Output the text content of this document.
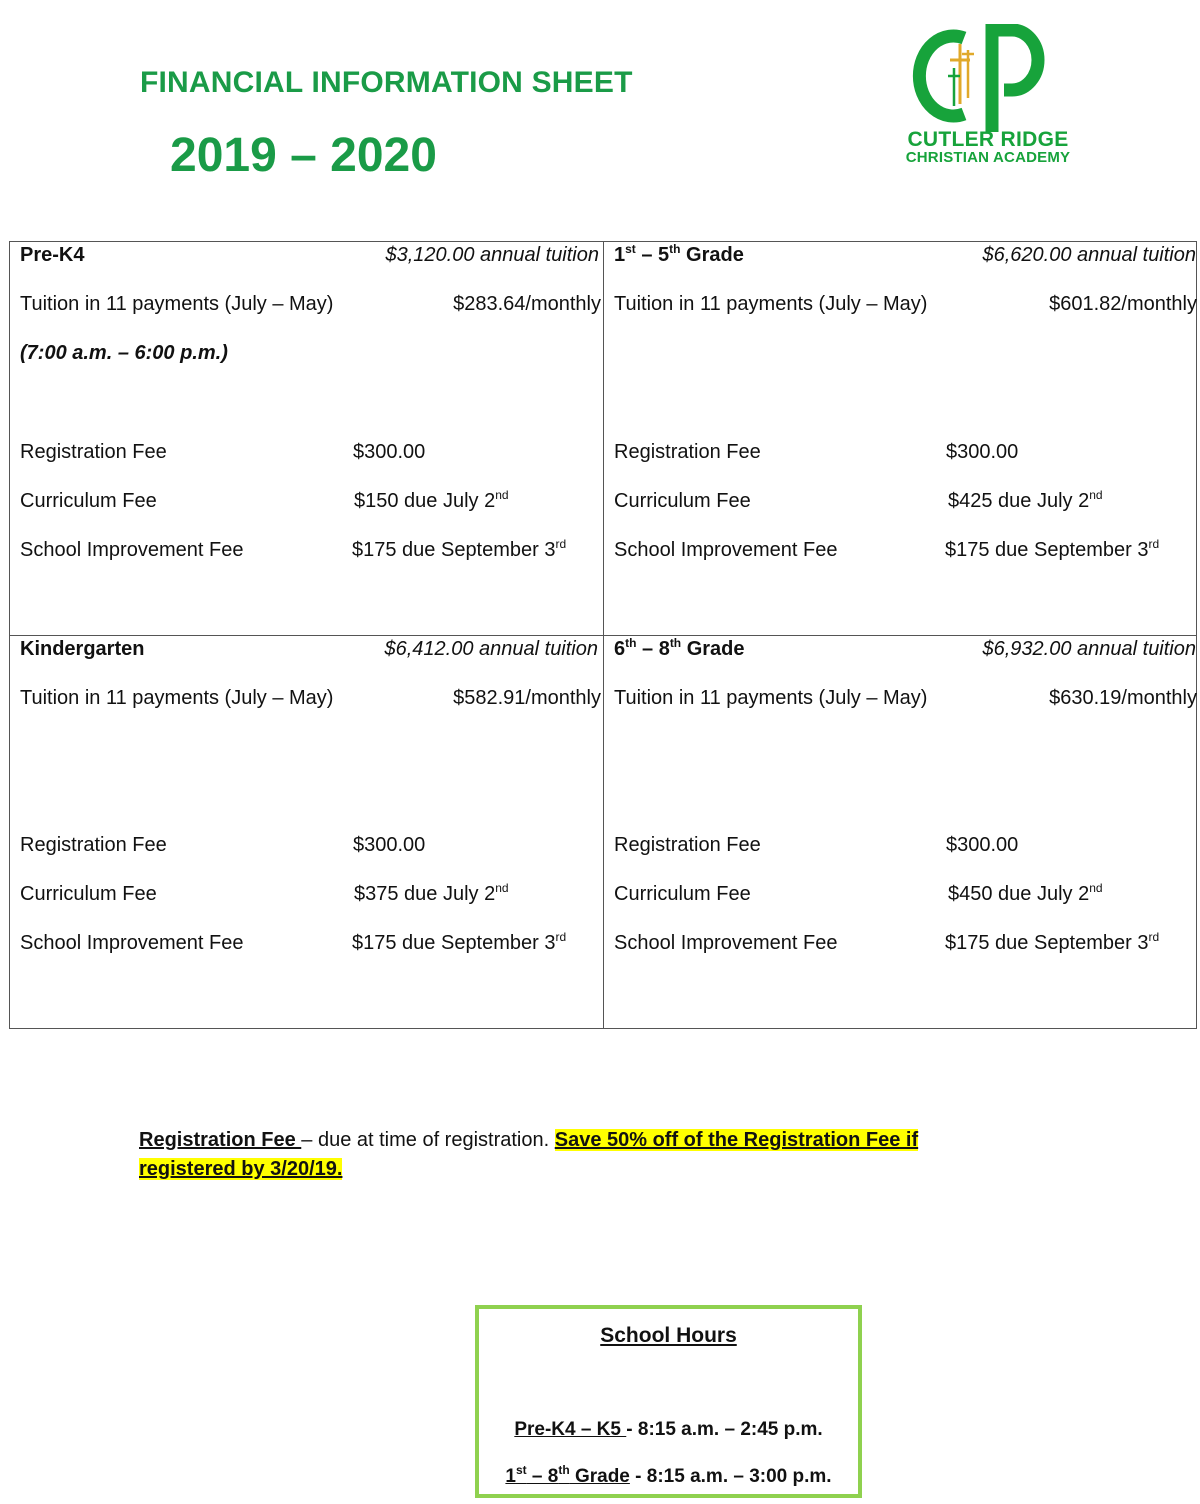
FINANCIAL INFORMATION SHEET
2019 – 2020	CUTLER RIDGE
CHRISTIAN ACADEMY
Pre-K4	$3,120.00 annual tuition
Tuition in 11 payments (July – May)	$283.64/monthly
(7:00 a.m. – 6:00 p.m.)
Registration Fee	$300.00
Curriculum Fee	$150 due July 2nd
School Improvement Fee	$175 due September 3rd
1st – 5th Grade	$6,620.00 annual tuition
Tuition in 11 payments (July – May)	$601.82/monthly
Registration Fee	$300.00
Curriculum Fee	$425 due July 2nd
School Improvement Fee	$175 due September 3rd
Kindergarten	$6,412.00 annual tuition
Tuition in 11 payments (July – May)	$582.91/monthly
Registration Fee	$300.00
Curriculum Fee	$375 due July 2nd
School Improvement Fee	$175 due September 3rd
6th – 8th Grade	$6,932.00 annual tuition
Tuition in 11 payments (July – May)	$630.19/monthly
Registration Fee	$300.00
Curriculum Fee	$450 due July 2nd
School Improvement Fee	$175 due September 3rd
Registration Fee – due at time of registration. Save 50% off of the Registration Fee if registered by 3/20/19.
School Hours
Pre-K4 – K5 - 8:15 a.m. – 2:45 p.m.
1st – 8th Grade - 8:15 a.m. – 3:00 p.m.
